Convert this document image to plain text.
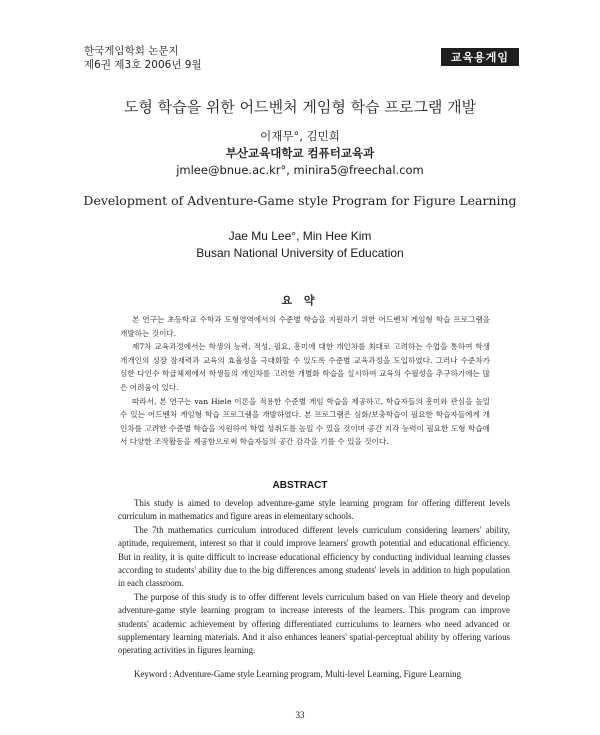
한국게임학회 논문지
제6권 제3호 2006년 9월
교육용게임
도형 학습을 위한 어드벤처 게임형 학습 프로그램 개발
이재무°, 김민희
부산교육대학교 컴퓨터교육과
jmlee@bnue.ac.kr°, minira5@freechal.com
Development of Adventure-Game style Program for Figure Learning
Jae Mu Lee°, Min Hee Kim
Busan National University of Education
요 약

본 연구는 초등학교 수학과 도형영역에서의 수준별 학습을 지원하기 위한 어드벤처 게임형 학습 프로그램을 개발하는 것이다.

제7차 교육과정에서는 학생의 능력, 적성, 필요, 흥미에 대한 개인차를 최대로 고려하는 수업을 통하여 학생 개개인의 성장 잠재력과 교육의 효율성을 극대화할 수 있도록 수준별 교육과정을 도입하였다. 그러나 수준차가 심한 다인수 학급체제에서 학생들의 개인차를 고려한 개별화 학습을 실시하여 교육의 수월성을 추구하기에는 많은 어려움이 있다.

따라서, 본 연구는 van Hiele 이론을 적용한 수준별 게임 학습을 제공하고, 학습자들의 흥미와 관심을 높일 수 있는 어드벤처 게임형 학습 프로그램을 개발하였다. 본 프로그램은 심화/보충학습이 필요한 학습자들에게 개인차를 고려한 수준별 학습을 지원하여 학업 성취도를 높일 수 있을 것이며 공간 지각 능력이 필요한 도형 학습에서 다양한 조작활동을 제공함으로써 학습자들의 공간 감각을 기를 수 있을 것이다.

ABSTRACT

This study is aimed to develop adventure-game style learning program for offering different levels curriculum in mathematics and figure areas in elementary schools.

The 7th mathematics curriculum introduced different levels curriculum considering learners' ability, aptitude, requirement, interest so that it could improve learners' growth potential and educational efficiency. But in reality, it is quite difficult to increase educational efficiency by conducting individual learning classes according to students' ability due to the big differences among students' levels in addition to high population in each classroom.

The purpose of this study is to offer different levels curriculum based on van Hiele theory and develop adventure-game style learning program to increase interests of the learners. This program can improve students' academic achievement by offering differentiated curriculums to learners who need advanced or supplementary learning materials. And it also enhances leaners' spatial-perceptual ability by offering various operating activities in figures learning.

Keyword : Adventure-Game style Learning program, Multi-level Learning, Figure Learning
33
